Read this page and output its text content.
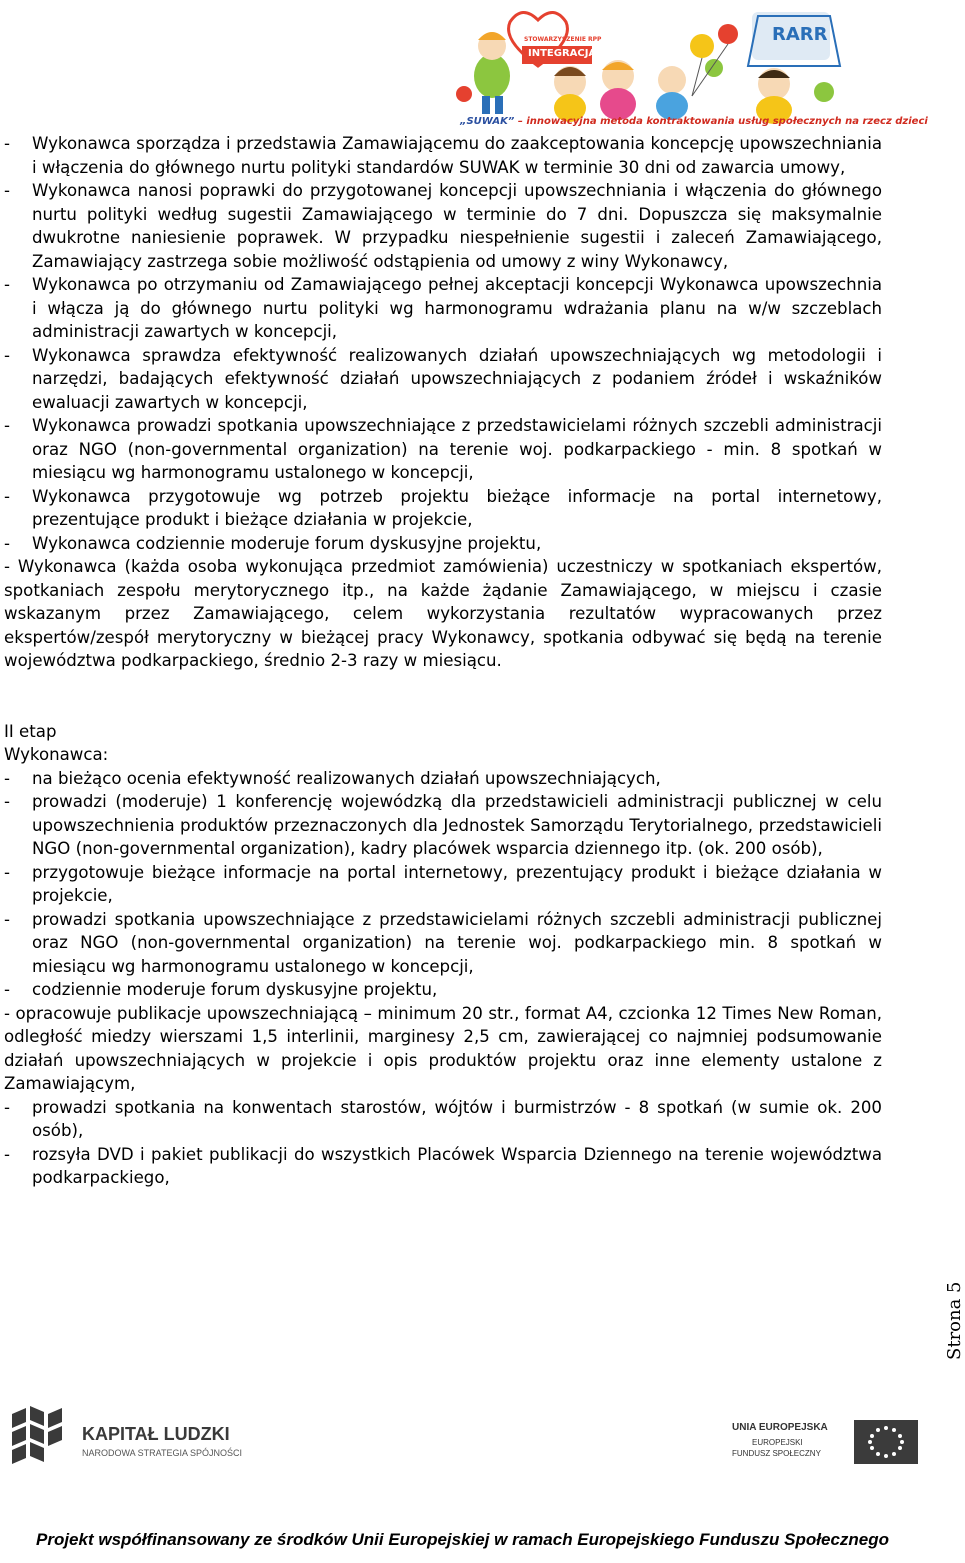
STOWARZYSZENIE RPP
INTEGRACJA
RARR
„SUWAK” – innowacyjna metoda kontraktowania usług społecznych na rzecz dzieci
-	Wykonawca sporządza i przedstawia Zamawiającemu do zaakceptowania koncepcję upowszechniania i włączenia do głównego nurtu polityki standardów SUWAK w terminie 30 dni od zawarcia umowy,
-	Wykonawca nanosi poprawki do przygotowanej koncepcji upowszechniania i włączenia do głównego nurtu polityki według sugestii Zamawiającego w terminie do 7 dni. Dopuszcza się maksymalnie dwukrotne naniesienie poprawek. W przypadku niespełnienie sugestii i zaleceń Zamawiającego, Zamawiający zastrzega sobie możliwość odstąpienia od umowy z winy Wykonawcy,
-	Wykonawca po otrzymaniu od Zamawiającego pełnej akceptacji koncepcji Wykonawca upowszechnia i włącza ją do głównego nurtu polityki wg harmonogramu wdrażania planu na w/w szczeblach administracji zawartych w koncepcji,
-	Wykonawca sprawdza efektywność realizowanych działań upowszechniających wg metodologii i narzędzi, badających efektywność działań upowszechniających z podaniem źródeł i wskaźników ewaluacji zawartych w koncepcji,
-	Wykonawca prowadzi spotkania upowszechniające z przedstawicielami różnych szczebli administracji oraz NGO (non-governmental organization) na terenie woj. podkarpackiego - min. 8 spotkań w miesiącu wg harmonogramu ustalonego w koncepcji,
-	Wykonawca przygotowuje wg potrzeb projektu bieżące informacje na portal internetowy, prezentujące produkt i bieżące działania w projekcie,
-	Wykonawca codziennie moderuje forum dyskusyjne projektu,
- Wykonawca (każda osoba wykonująca przedmiot zamówienia) uczestniczy w spotkaniach ekspertów, spotkaniach zespołu merytorycznego itp., na każde żądanie Zamawiającego, w miejscu i czasie wskazanym przez Zamawiającego, celem wykorzystania rezultatów wypracowanych przez ekspertów/zespół merytoryczny w bieżącej pracy Wykonawcy, spotkania odbywać się będą na terenie województwa podkarpackiego, średnio 2-3 razy w miesiącu.
II etap
Wykonawca:
-	na bieżąco ocenia efektywność realizowanych działań upowszechniających,
-	prowadzi (moderuje) 1 konferencję wojewódzką dla przedstawicieli administracji publicznej w celu upowszechnienia produktów przeznaczonych dla Jednostek Samorządu Terytorialnego, przedstawicieli NGO (non-governmental organization), kadry placówek wsparcia dziennego itp. (ok. 200 osób),
-	przygotowuje bieżące informacje na portal internetowy, prezentujący produkt i bieżące działania w projekcie,
-	prowadzi spotkania upowszechniające z przedstawicielami różnych szczebli administracji publicznej oraz NGO (non-governmental organization) na terenie woj. podkarpackiego min. 8 spotkań w miesiącu wg harmonogramu ustalonego w koncepcji,
-	codziennie moderuje forum dyskusyjne projektu,
- opracowuje publikacje upowszechniającą – minimum 20 str., format A4, czcionka 12 Times New Roman, odległość miedzy wierszami 1,5 interlinii, marginesy 2,5 cm, zawierającej co najmniej podsumowanie działań upowszechniających w projekcie i opis produktów projektu oraz inne elementy ustalone z Zamawiającym,
-	prowadzi spotkania na konwentach starostów, wójtów i burmistrzów - 8 spotkań (w sumie ok. 200 osób),
-	rozsyła DVD i pakiet publikacji do wszystkich Placówek Wsparcia Dziennego na terenie województwa podkarpackiego,
Strona 5
KAPITAŁ LUDZKI
NARODOWA STRATEGIA SPÓJNOŚCI
UNIA EUROPEJSKA
EUROPEJSKI
FUNDUSZ SPOŁECZNY
Projekt współfinansowany ze środków Unii Europejskiej w ramach Europejskiego Funduszu Społecznego
